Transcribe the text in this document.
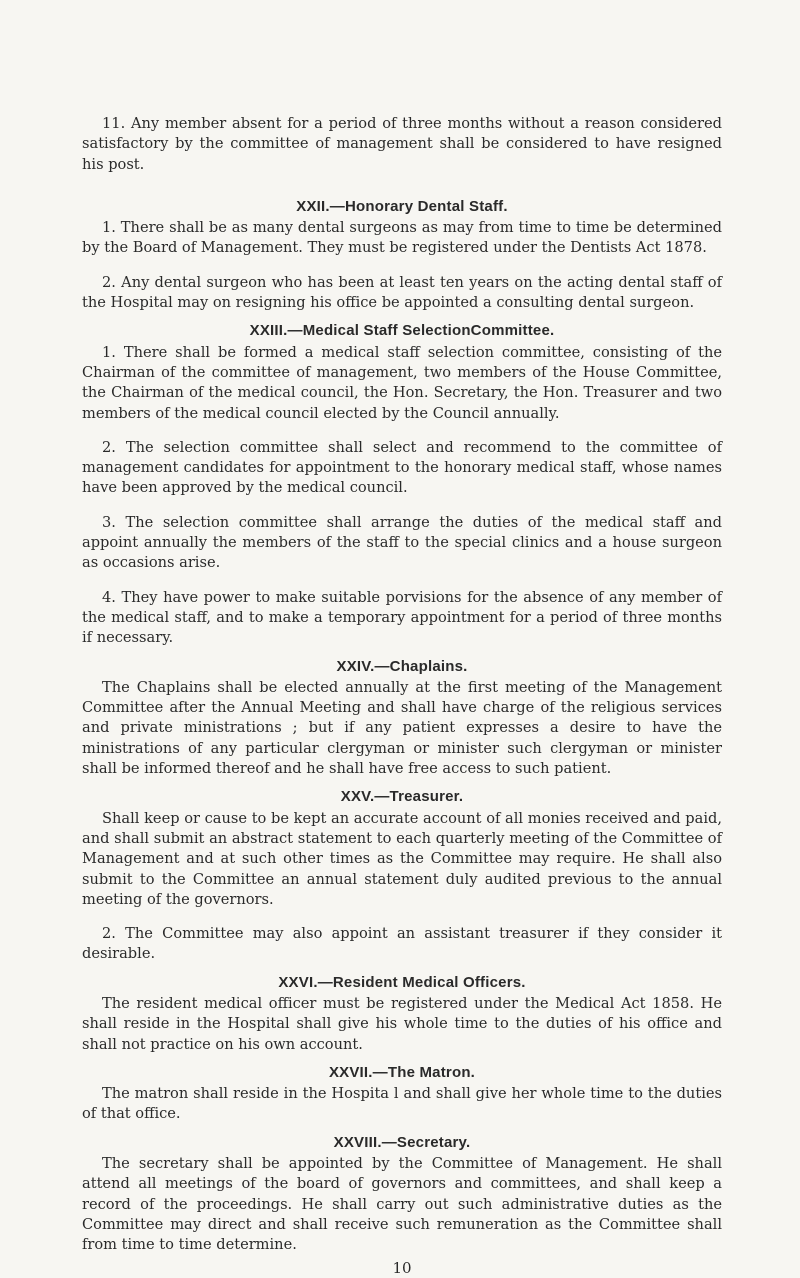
11. Any member absent for a period of three months without a reason considered satisfactory by the committee of management shall be considered to have resigned his post.

XXII.—Honorary Dental Staff.

1. There shall be as many dental surgeons as may from time to time be determined by the Board of Management. They must be registered under the Dentists Act 1878.

2. Any dental surgeon who has been at least ten years on the acting dental staff of the Hospital may on resigning his office be appointed a consulting dental surgeon.

XXIII.—Medical Staff SelectionCommittee.

1. There shall be formed a medical staff selection committee, consisting of the Chairman of the committee of management, two members of the House Committee, the Chairman of the medical council, the Hon. Secretary, the Hon. Treasurer and two members of the medical council elected by the Council annually.

2. The selection committee shall select and recommend to the committee of management candidates for appointment to the honorary medical staff, whose names have been approved by the medical council.

3. The selection committee shall arrange the duties of the medical staff and appoint annually the members of the staff to the special clinics and a house surgeon as occasions arise.

4. They have power to make suitable porvisions for the absence of any member of the medical staff, and to make a temporary appointment for a period of three months if necessary.

XXIV.—Chaplains.

The Chaplains shall be elected annually at the first meeting of the Management Committee after the Annual Meeting and shall have charge of the religious services and private ministrations ; but if any patient expresses a desire to have the ministrations of any particular clergyman or minister such clergyman or minister shall be informed thereof and he shall have free access to such patient.

XXV.—Treasurer.

Shall keep or cause to be kept an accurate account of all monies received and paid, and shall submit an abstract statement to each quarterly meeting of the Committee of Management and at such other times as the Committee may require. He shall also submit to the Committee an annual statement duly audited previous to the annual meeting of the governors.

2. The Committee may also appoint an assistant treasurer if they consider it desirable.

XXVI.—Resident Medical Officers.

The resident medical officer must be registered under the Medical Act 1858. He shall reside in the Hospital shall give his whole time to the duties of his office and shall not practice on his own account.

XXVII.—The Matron.

The matron shall reside in the Hospita l and shall give her whole time to the duties of that office.

XXVIII.—Secretary.

The secretary shall be appointed by the Committee of Management. He shall attend all meetings of the board of governors and committees, and shall keep a record of the proceedings. He shall carry out such administrative duties as the Committee may direct and shall receive such remuneration as the Committee shall from time to time determine.

10
